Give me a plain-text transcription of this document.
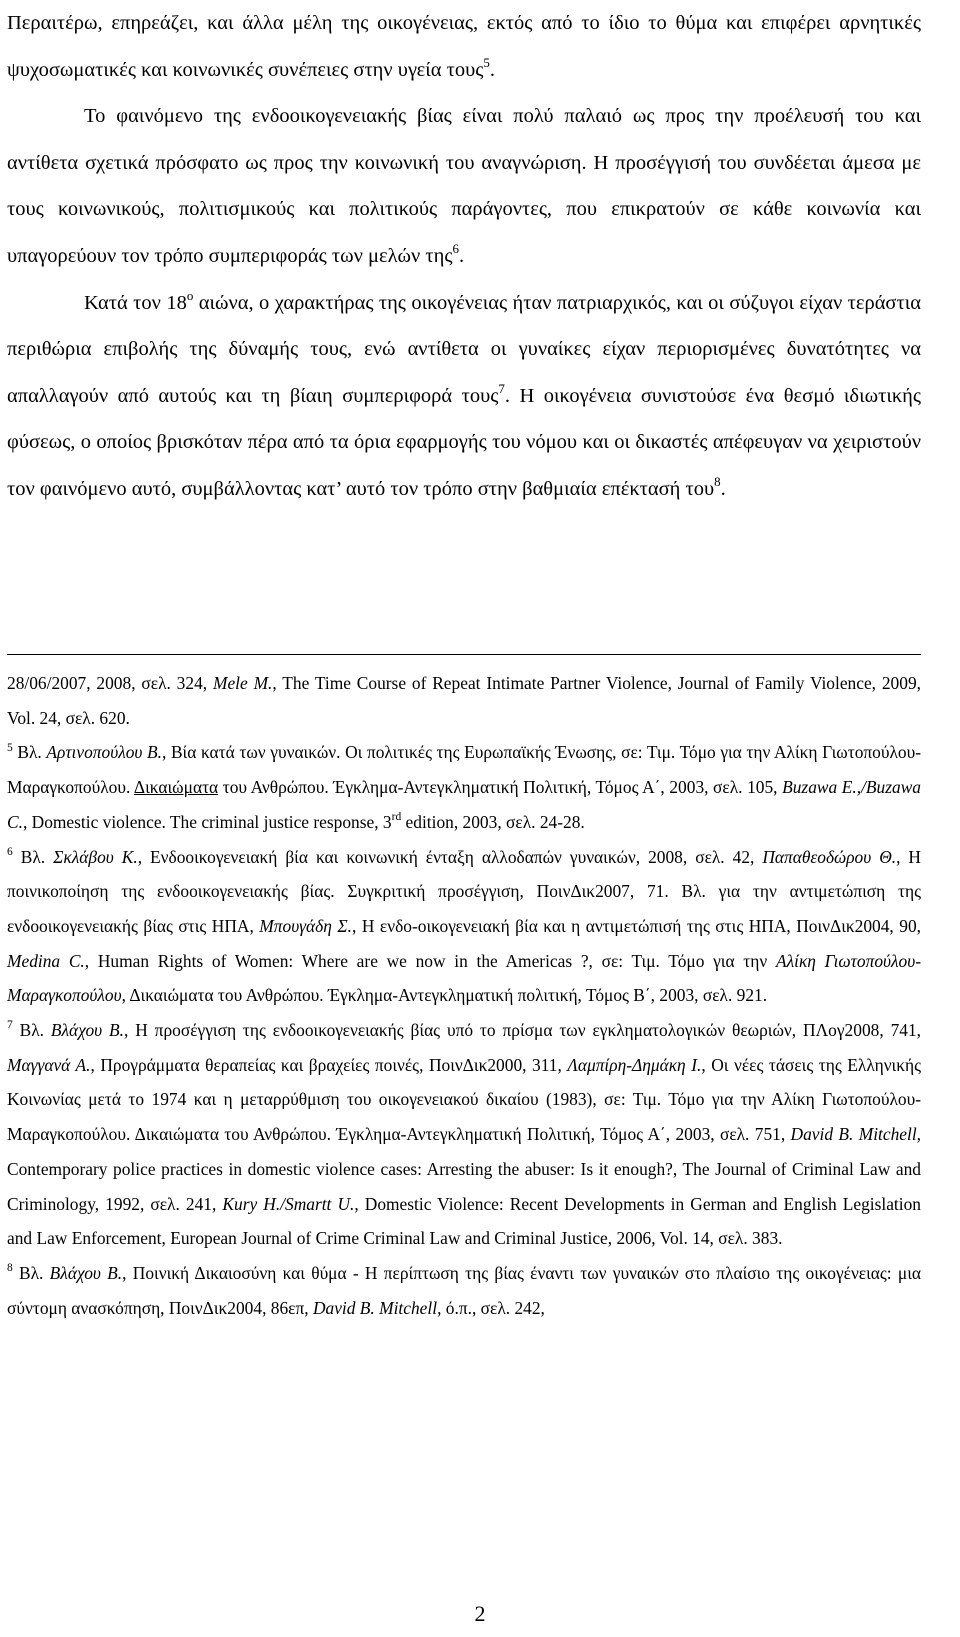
Περαιτέρω, επηρεάζει, και άλλα μέλη της οικογένειας, εκτός από το ίδιο το θύμα και επιφέρει αρνητικές ψυχοσωματικές και κοινωνικές συνέπειες στην υγεία τους$^5$.

Το φαινόμενο της ενδοοικογενειακής βίας είναι πολύ παλαιό ως προς την προέλευσή του και αντίθετα σχετικά πρόσφατο ως προς την κοινωνική του αναγνώριση. Η προσέγγισή του συνδέεται άμεσα με τους κοινωνικούς, πολιτισμικούς και πολιτικούς παράγοντες, που επικρατούν σε κάθε κοινωνία και υπαγορεύουν τον τρόπο συμπεριφοράς των μελών της$^6$.

Κατά τον $18^o$ αιώνα, ο χαρακτήρας της οικογένειας ήταν πατριαρχικός, και οι σύζυγοι είχαν τεράστια περιθώρια επιβολής της δύναμής τους, ενώ αντίθετα οι γυναίκες είχαν περιορισμένες δυνατότητες να απαλλαγούν από αυτούς και τη βίαιη συμπεριφορά τους$^7$. Η οικογένεια συνιστούσε ένα θεσμό ιδιωτικής φύσεως, ο οποίος βρισκόταν πέρα από τα όρια εφαρμογής του νόμου και οι δικαστές απέφευγαν να χειριστούν τον φαινόμενο αυτό, συμβάλλοντας κατ’ αυτό τον τρόπο στην βαθμιαία επέκτασή του$^8$.

28/06/2007, 2008, σελ. 324, Mele M., The Time Course of Repeat Intimate Partner Violence, Journal of Family Violence, 2009, Vol. 24, σελ. 620.

$^5$ Βλ. Αρτινοπούλου Β., Βία κατά των γυναικών. Οι πολιτικές της Ευρωπαϊκής Ένωσης, σε: Τιμ. Τόμο για την Αλίκη Γιωτοπούλου-Μαραγκοπούλου. Δικαιώματα του Ανθρώπου. Έγκλημα-Αντεγκληματική Πολιτική, Τόμος Α΄, 2003, σελ. 105, Buzawa E.,/Buzawa C., Domestic violence. The criminal justice response, 3rd edition, 2003, σελ. 24-28.

$^6$ Βλ. Σκλάβου Κ., Ενδοοικογενειακή βία και κοινωνική ένταξη αλλοδαπών γυναικών, 2008, σελ. 42, Παπαθεοδώρου Θ., Η ποινικοποίηση της ενδοοικογενειακής βίας. Συγκριτική προσέγγιση, ΠοινΔικ2007, 71. Βλ. για την αντιμετώπιση της ενδοοικογενειακής βίας στις ΗΠΑ, Μπουγάδη Σ., Η ενδο-οικογενειακή βία και η αντιμετώπισή της στις ΗΠΑ, ΠοινΔικ2004, 90, Medina C., Human Rights of Women: Where are we now in the Americas ?, σε: Τιμ. Τόμο για την Αλίκη Γιωτοπούλου-Μαραγκοπούλου, Δικαιώματα του Ανθρώπου. Έγκλημα-Αντεγκληματική πολιτική, Τόμος Β΄, 2003, σελ. 921.

$^7$ Βλ. Βλάχου Β., Η προσέγγιση της ενδοοικογενειακής βίας υπό το πρίσμα των εγκληματολογικών θεωριών, ΠΛογ2008, 741, Μαγγανά Α., Προγράμματα θεραπείας και βραχείες ποινές, ΠοινΔικ2000, 311, Λαμπίρη-Δημάκη Ι., Οι νέες τάσεις της Ελληνικής Κοινωνίας μετά το 1974 και η μεταρρύθμιση του οικογενειακού δικαίου (1983), σε: Τιμ. Τόμο για την Αλίκη Γιωτοπούλου-Μαραγκοπούλου. Δικαιώματα του Ανθρώπου. Έγκλημα-Αντεγκληματική Πολιτική, Τόμος Α΄, 2003, σελ. 751, David B. Mitchell, Contemporary police practices in domestic violence cases: Arresting the abuser: Is it enough?, The Journal of Criminal Law and Criminology, 1992, σελ. 241, Kury H./Smartt U., Domestic Violence: Recent Developments in German and English Legislation and Law Enforcement, European Journal of Crime Criminal Law and Criminal Justice, 2006, Vol. 14, σελ. 383.

$^8$ Βλ. Βλάχου Β., Ποινική Δικαιοσύνη και θύμα - Η περίπτωση της βίας έναντι των γυναικών στο πλαίσιο της οικογένειας: μια σύντομη ανασκόπηση, ΠοινΔικ2004, 86επ, David B. Mitchell, ό.π., σελ. 242,

2
